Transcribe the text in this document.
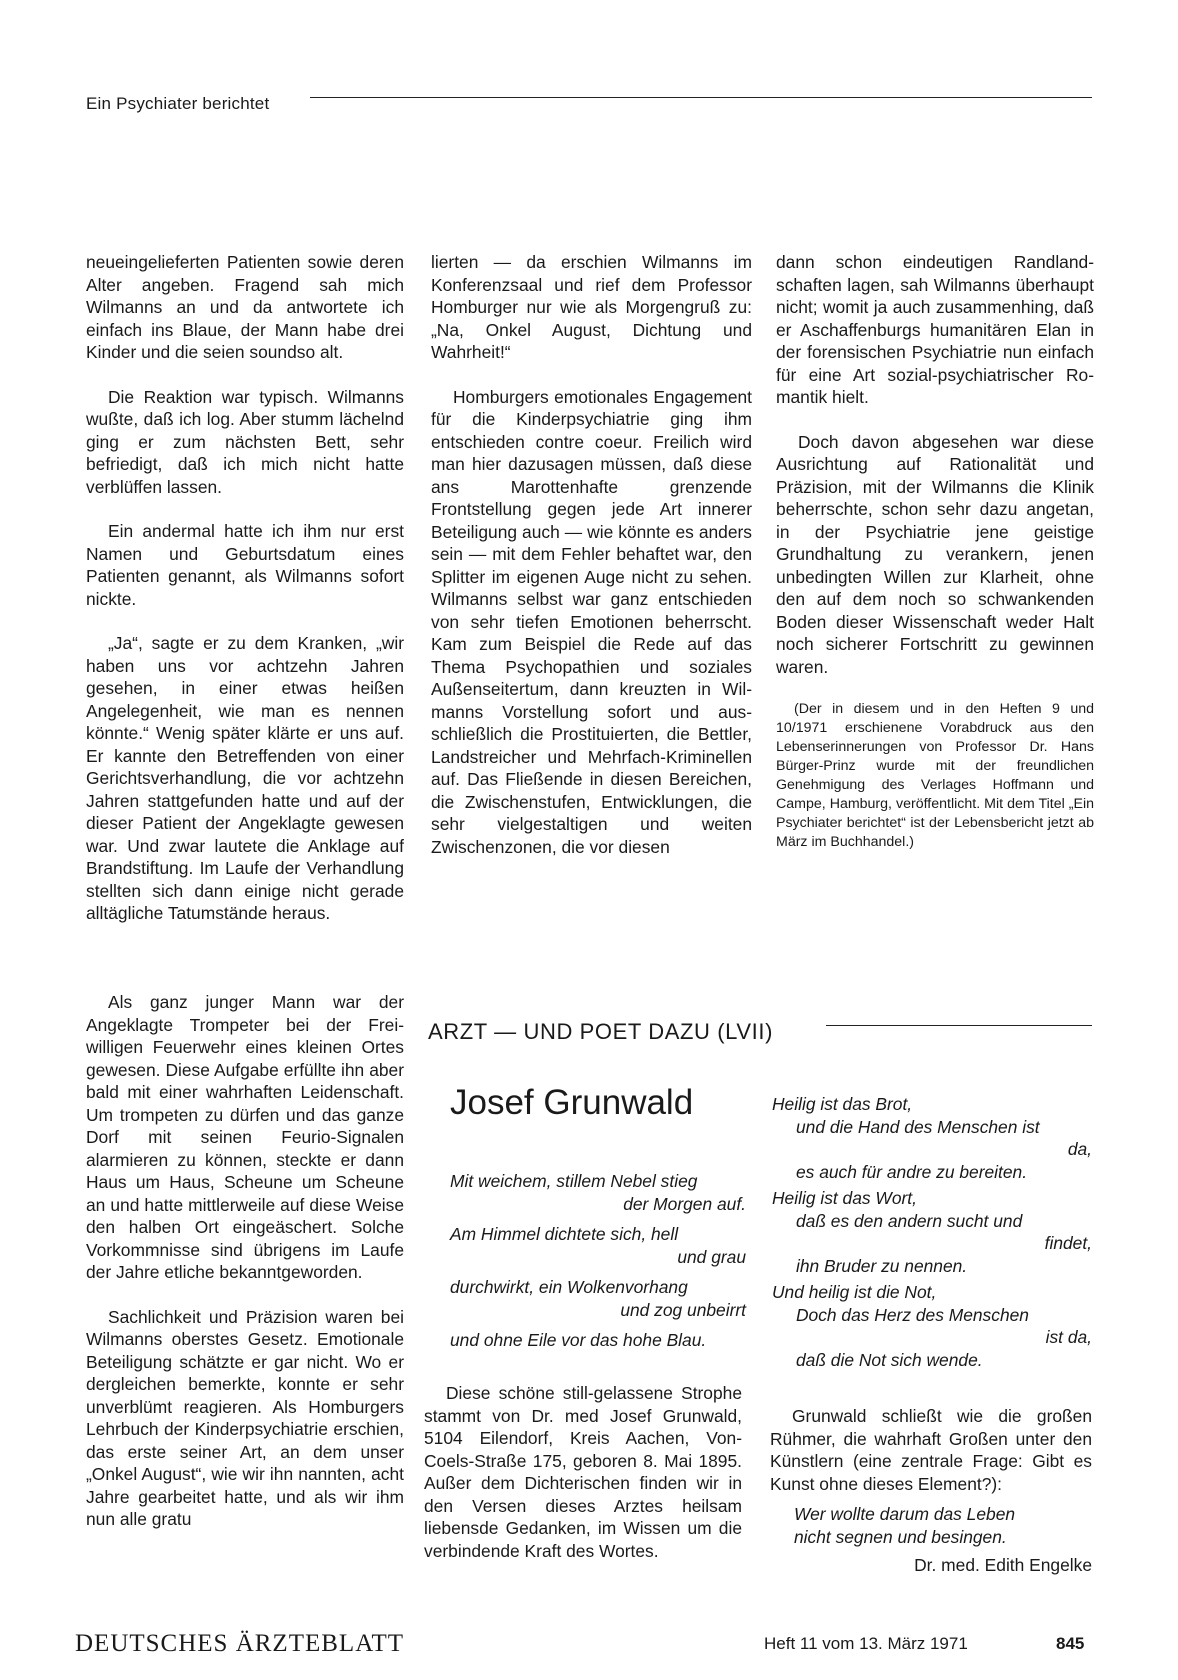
Ein Psychiater berichtet

neueingelieferten Patienten sowie deren Alter angeben. Fragend sah mich Wilmanns an und da antwortete ich einfach ins Blaue, der Mann habe drei Kinder und die seien soundso alt.

Die Reaktion war typisch. Wilmanns wußte, daß ich log. Aber stumm lächelnd ging er zum nächsten Bett, sehr befriedigt, daß ich mich nicht hatte verblüffen lassen.

Ein andermal hatte ich ihm nur erst Namen und Geburtsdatum eines Patienten genannt, als Wilmanns sofort nickte.

„Ja“, sagte er zu dem Kranken, „wir haben uns vor achtzehn Jahren gesehen, in einer etwas heißen Angelegenheit, wie man es nennen könnte.“ Wenig später klärte er uns auf. Er kannte den Betreffenden von einer Gerichtsverhandlung, die vor achtzehn Jahren stattgefunden hatte und auf der dieser Patient der Angeklagte gewesen war. Und zwar lautete die Anklage auf Brandstiftung. Im Laufe der Verhandlung stellten sich dann einige nicht gerade alltägliche Tatumstände heraus.

Als ganz junger Mann war der Angeklagte Trompeter bei der Freiwilligen Feuerwehr eines kleinen Ortes gewesen. Diese Aufgabe erfüllte ihn aber bald mit einer wahrhaften Leidenschaft. Um trompeten zu dürfen und das ganze Dorf mit seinen Feurio-Signalen alarmieren zu können, steckte er dann Haus um Haus, Scheune um Scheune an und hatte mittlerweile auf diese Weise den halben Ort eingeäschert. Solche Vorkommnisse sind übrigens im Laufe der Jahre etliche bekanntgeworden.

Sachlichkeit und Präzision waren bei Wilmanns oberstes Gesetz. Emotionale Beteiligung schätzte er gar nicht. Wo er dergleichen bemerkte, konnte er sehr unverblümt reagieren. Als Homburgers Lehrbuch der Kinderpsychiatrie erschien, das erste seiner Art, an dem unser „Onkel August“, wie wir ihn nannten, acht Jahre gearbeitet hatte, und als wir ihm nun alle gratu

lierten — da erschien Wilmanns im Konferenzsaal und rief dem Professor Homburger nur wie als Morgengruß zu: „Na, Onkel August, Dichtung und Wahrheit!“

Homburgers emotionales Engagement für die Kinderpsychiatrie ging ihm entschieden contre coeur. Freilich wird man hier dazusagen müssen, daß diese ans Marottenhafte grenzende Frontstellung gegen jede Art innerer Beteiligung auch — wie könnte es anders sein — mit dem Fehler behaftet war, den Splitter im eigenen Auge nicht zu sehen. Wilmanns selbst war ganz entschieden von sehr tiefen Emotionen beherrscht. Kam zum Beispiel die Rede auf das Thema Psychopathien und soziales Außenseitertum, dann kreuzten in Wilmanns Vorstellung sofort und ausschließlich die Prostituierten, die Bettler, Landstreicher und Mehrfach-Kriminellen auf. Das Fließende in diesen Bereichen, die Zwischenstufen, Entwicklungen, die sehr vielgestaltigen und weiten Zwischenzonen, die vor diesen

dann schon eindeutigen Randlandschaften lagen, sah Wilmanns überhaupt nicht; womit ja auch zusammenhing, daß er Aschaffenburgs humanitären Elan in der forensischen Psychiatrie nun einfach für eine Art sozial-psychiatrischer Romantik hielt.

Doch davon abgesehen war diese Ausrichtung auf Rationalität und Präzision, mit der Wilmanns die Klinik beherrschte, schon sehr dazu angetan, in der Psychiatrie jene geistige Grundhaltung zu verankern, jenen unbedingten Willen zur Klarheit, ohne den auf dem noch so schwankenden Boden dieser Wissenschaft weder Halt noch sicherer Fortschritt zu gewinnen waren.

(Der in diesem und in den Heften 9 und 10/1971 erschienene Vorabdruck aus den Lebenserinnerungen von Professor Dr. Hans Bürger-Prinz wurde mit der freundlichen Genehmigung des Verlages Hoffmann und Campe, Hamburg, veröffentlicht. Mit dem Titel „Ein Psychiater berichtet“ ist der Lebensbericht jetzt ab März im Buchhandel.)

ARZT — UND POET DAZU (LVII)
Josef Grunwald
Mit weichem, stillem Nebel stieg
der Morgen auf.
Am Himmel dichtete sich, hell
und grau
durchwirkt, ein Wolkenvorhang
und zog unbeirrt
und ohne Eile vor das hohe Blau.
Heilig ist das Brot,
und die Hand des Menschen ist
da,
es auch für andre zu bereiten.
Heilig ist das Wort,
daß es den andern sucht und
findet,
ihn Bruder zu nennen.
Und heilig ist die Not,
Doch das Herz des Menschen
ist da,
daß die Not sich wende.

Diese schöne still-gelassene Strophe stammt von Dr. med Josef Grunwald, 5104 Eilendorf, Kreis Aachen, Von-Coels-Straße 175, geboren 8. Mai 1895. Außer dem Dichterischen finden wir in den Versen dieses Arztes heilsam liebensde Gedanken, im Wissen um die verbindende Kraft des Wortes.

Grunwald schließt wie die großen Rühmer, die wahrhaft Großen unter den Künstlern (eine zentrale Frage: Gibt es Kunst ohne dieses Element?):

Wer wollte darum das Leben
nicht segnen und besingen.
Dr. med. Edith Engelke
DEUTSCHES ÄRZTEBLATT	Heft 11 vom 13. März 1971	845
